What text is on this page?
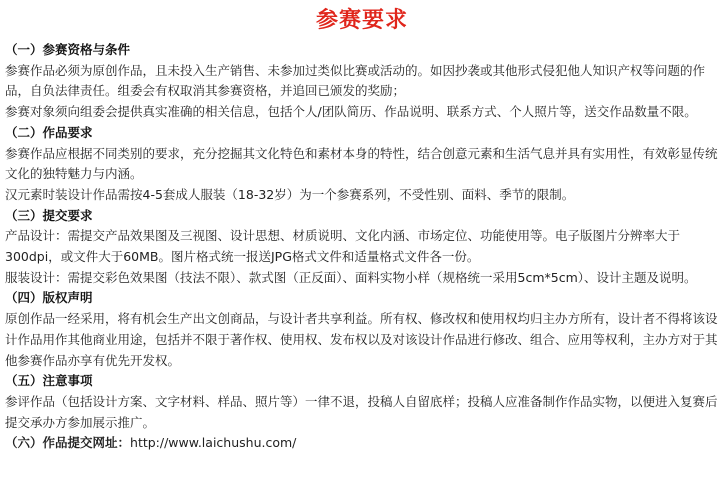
参赛要求
（一）参赛资格与条件

参赛作品必须为原创作品，且未投入生产销售、未参加过类似比赛或活动的。如因抄袭或其他形式侵犯他人知识产权等问题的作品，自负法律责任。组委会有权取消其参赛资格，并追回已颁发的奖励；

参赛对象须向组委会提供真实准确的相关信息，包括个人/团队简历、作品说明、联系方式、个人照片等，送交作品数量不限。

（二）作品要求

参赛作品应根据不同类别的要求，充分挖掘其文化特色和素材本身的特性，结合创意元素和生活气息并具有实用性，有效彰显传统文化的独特魅力与内涵。

汉元素时装设计作品需按4-5套成人服装（18-32岁）为一个参赛系列，不受性别、面料、季节的限制。

（三）提交要求

产品设计：需提交产品效果图及三视图、设计思想、材质说明、文化内涵、市场定位、功能使用等。电子版图片分辨率大于300dpi，或文件大于60MB。图片格式统一报送JPG格式文件和适量格式文件各一份。

服装设计：需提交彩色效果图（技法不限）、款式图（正反面）、面料实物小样（规格统一采用5cm*5cm）、设计主题及说明。

（四）版权声明

原创作品一经采用，将有机会生产出文创商品，与设计者共享利益。所有权、修改权和使用权均归主办方所有，设计者不得将该设计作品用作其他商业用途，包括并不限于著作权、使用权、发布权以及对该设计作品进行修改、组合、应用等权利，主办方对于其他参赛作品亦享有优先开发权。

（五）注意事项

参评作品（包括设计方案、文字材料、样品、照片等）一律不退，投稿人自留底样；投稿人应准备制作作品实物，以便进入复赛后提交承办方参加展示推广。

（六）作品提交网址：http://www.laichushu.com/
